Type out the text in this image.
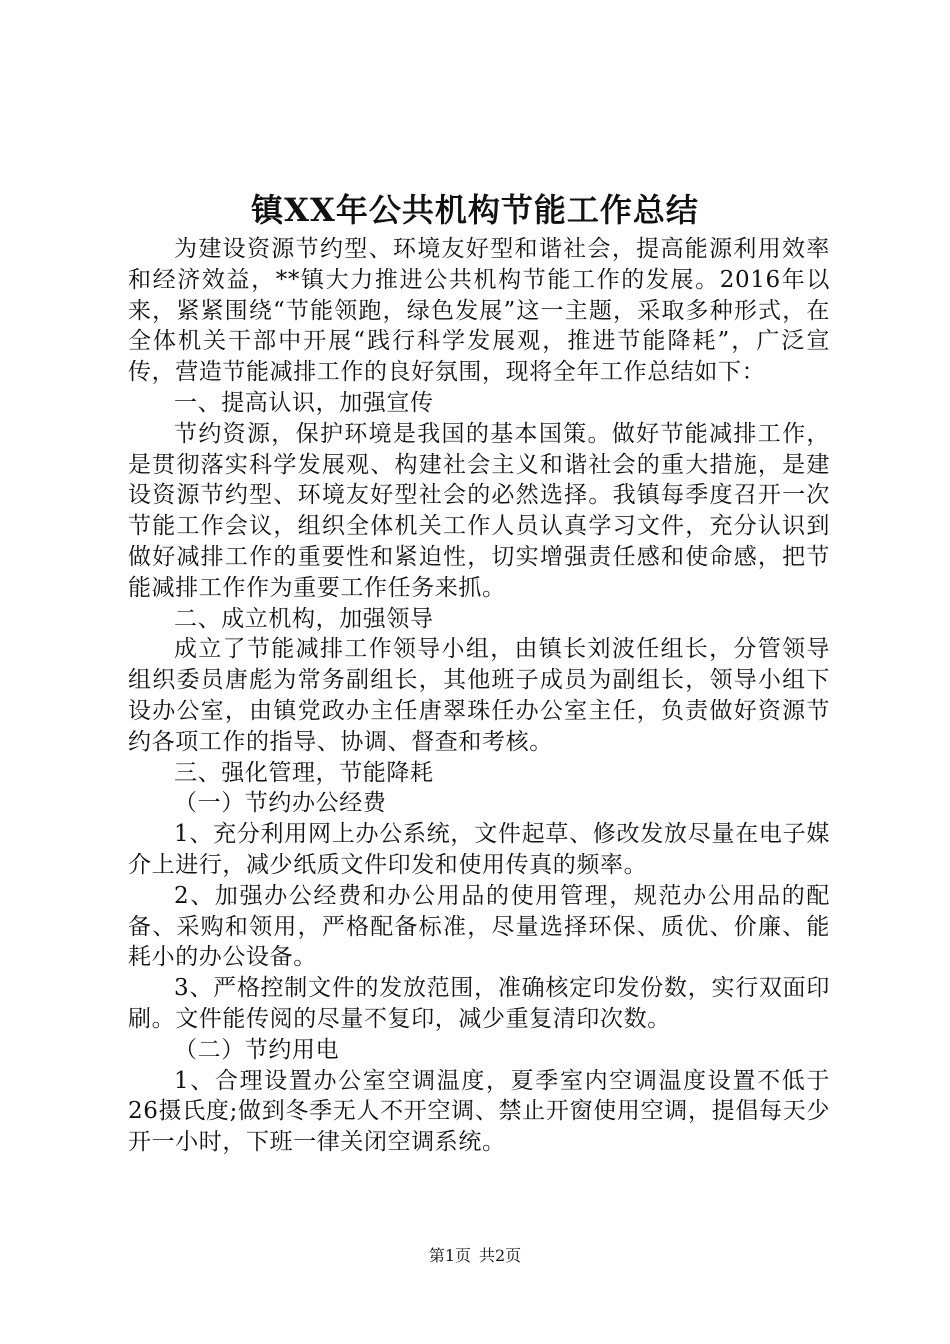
镇XX年公共机构节能工作总结

为建设资源节约型、环境友好型和谐社会，提高能源利用效率和经济效益，**镇大力推进公共机构节能工作的发展。2016年以来，紧紧围绕“节能领跑，绿色发展”这一主题，采取多种形式，在全体机关干部中开展“践行科学发展观，推进节能降耗”，广泛宣传，营造节能减排工作的良好氛围，现将全年工作总结如下：

一、提高认识，加强宣传

节约资源，保护环境是我国的基本国策。做好节能减排工作，是贯彻落实科学发展观、构建社会主义和谐社会的重大措施，是建设资源节约型、环境友好型社会的必然选择。我镇每季度召开一次节能工作会议，组织全体机关工作人员认真学习文件，充分认识到做好减排工作的重要性和紧迫性，切实增强责任感和使命感，把节能减排工作作为重要工作任务来抓。

二、成立机构，加强领导

成立了节能减排工作领导小组，由镇长刘波任组长，分管领导组织委员唐彪为常务副组长，其他班子成员为副组长，领导小组下设办公室，由镇党政办主任唐翠珠任办公室主任，负责做好资源节约各项工作的指导、协调、督查和考核。

三、强化管理，节能降耗

（一）节约办公经费

1、充分利用网上办公系统，文件起草、修改发放尽量在电子媒介上进行，减少纸质文件印发和使用传真的频率。

2、加强办公经费和办公用品的使用管理，规范办公用品的配备、采购和领用，严格配备标准，尽量选择环保、质优、价廉、能耗小的办公设备。

3、严格控制文件的发放范围，准确核定印发份数，实行双面印刷。文件能传阅的尽量不复印，减少重复清印次数。

（二）节约用电

1、合理设置办公室空调温度，夏季室内空调温度设置不低于26摄氏度;做到冬季无人不开空调、禁止开窗使用空调，提倡每天少开一小时，下班一律关闭空调系统。

第1页 共2页
